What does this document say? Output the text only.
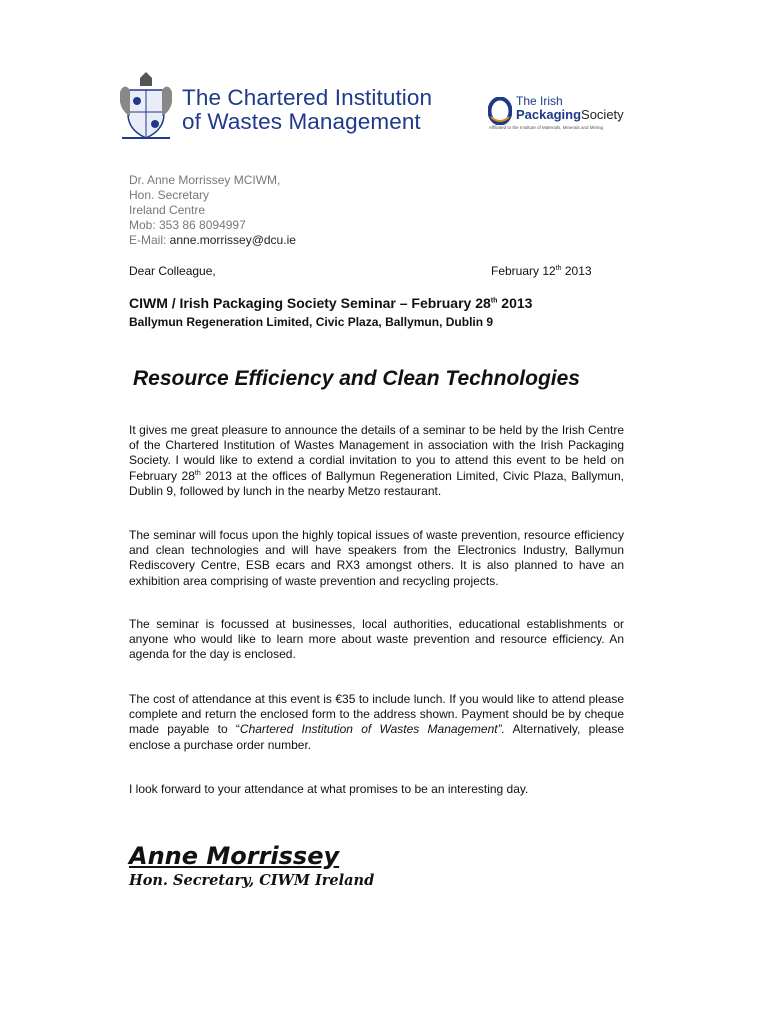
The Chartered Institution
of Wastes Management
The Irish
PackagingSociety
Affiliated to the Institute of Materials, Minerals and Mining
Dr. Anne Morrissey MCIWM,
Hon. Secretary
Ireland Centre
Mob: 353 86 8094997
E-Mail: anne.morrissey@dcu.ie
Dear Colleague,	February 12th 2013
CIWM / Irish Packaging Society Seminar – February 28th 2013
Ballymun Regeneration Limited, Civic Plaza, Ballymun, Dublin 9
Resource Efficiency and Clean Technologies
It gives me great pleasure to announce the details of a seminar to be held by the Irish Centre of the Chartered Institution of Wastes Management in association with the Irish Packaging Society. I would like to extend a cordial invitation to you to attend this event to be held on February 28th 2013 at the offices of Ballymun Regeneration Limited, Civic Plaza, Ballymun, Dublin 9, followed by lunch in the nearby Metzo restaurant.
The seminar will focus upon the highly topical issues of waste prevention, resource efficiency and clean technologies and will have speakers from the Electronics Industry, Ballymun Rediscovery Centre, ESB ecars and RX3 amongst others. It is also planned to have an exhibition area comprising of waste prevention and recycling projects.
The seminar is focussed at businesses, local authorities, educational establishments or anyone who would like to learn more about waste prevention and resource efficiency. An agenda for the day is enclosed.
The cost of attendance at this event is €35 to include lunch. If you would like to attend please complete and return the enclosed form to the address shown. Payment should be by cheque made payable to “Chartered Institution of Wastes Management”. Alternatively, please enclose a purchase order number.
I look forward to your attendance at what promises to be an interesting day.
Anne Morrissey
Hon. Secretary, CIWM Ireland
